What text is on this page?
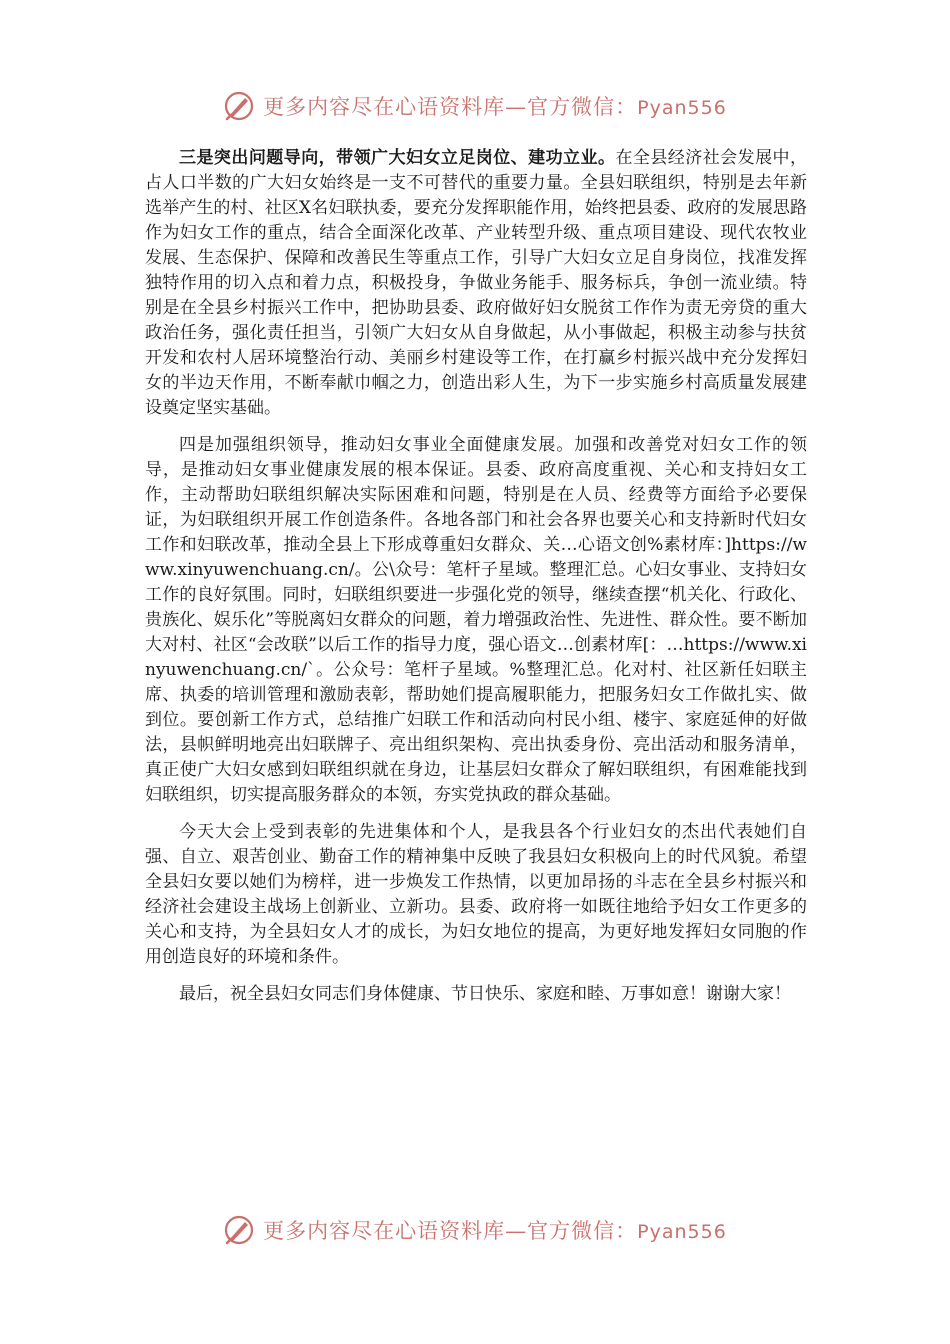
更多内容尽在心语资料库—官方微信：Pyan556

三是突出问题导向，带领广大妇女立足岗位、建功立业。在全县经济社会发展中，占人口半数的广大妇女始终是一支不可替代的重要力量。全县妇联组织，特别是去年新选举产生的村、社区X名妇联执委，要充分发挥职能作用，始终把县委、政府的发展思路作为妇女工作的重点，结合全面深化改革、产业转型升级、重点项目建设、现代农牧业发展、生态保护、保障和改善民生等重点工作，引导广大妇女立足自身岗位，找准发挥独特作用的切入点和着力点，积极投身，争做业务能手、服务标兵，争创一流业绩。特别是在全县乡村振兴工作中，把协助县委、政府做好妇女脱贫工作作为责无旁贷的重大政治任务，强化责任担当，引领广大妇女从自身做起，从小事做起，积极主动参与扶贫开发和农村人居环境整治行动、美丽乡村建设等工作，在打赢乡村振兴战中充分发挥妇女的半边天作用，不断奉献巾帼之力，创造出彩人生，为下一步实施乡村高质量发展建设奠定坚实基础。

四是加强组织领导，推动妇女事业全面健康发展。加强和改善党对妇女工作的领导，是推动妇女事业健康发展的根本保证。县委、政府高度重视、关心和支持妇女工作，主动帮助妇联组织解决实际困难和问题，特别是在人员、经费等方面给予必要保证，为妇联组织开展工作创造条件。各地各部门和社会各界也要关心和支持新时代妇女工作和妇联改革，推动全县上下形成尊重妇女群众、关…心语文创%素材库：]https://www.xinyuwenchuang.cn/。公\众号：笔杆子星域。整理汇总。心妇女事业、支持妇女工作的良好氛围。同时，妇联组织要进一步强化党的领导，继续查摆“机关化、行政化、贵族化、娱乐化”等脱离妇女群众的问题，着力增强政治性、先进性、群众性。要不断加大对村、社区“会改联”以后工作的指导力度，强心语文…创素材库[：…https://www.xinyuwenchuang.cn/`。公众号：笔杆子星域。%整理汇总。化对村、社区新任妇联主席、执委的培训管理和激励表彰，帮助她们提高履职能力，把服务妇女工作做扎实、做到位。要创新工作方式，总结推广妇联工作和活动向村民小组、楼宇、家庭延伸的好做法，县帜鲜明地亮出妇联牌子、亮出组织架构、亮出执委身份、亮出活动和服务清单，真正使广大妇女感到妇联组织就在身边，让基层妇女群众了解妇联组织，有困难能找到妇联组织，切实提高服务群众的本领，夯实党执政的群众基础。

今天大会上受到表彰的先进集体和个人，是我县各个行业妇女的杰出代表她们自强、自立、艰苦创业、勤奋工作的精神集中反映了我县妇女积极向上的时代风貌。希望全县妇女要以她们为榜样，进一步焕发工作热情，以更加昂扬的斗志在全县乡村振兴和经济社会建设主战场上创新业、立新功。县委、政府将一如既往地给予妇女工作更多的关心和支持，为全县妇女人才的成长，为妇女地位的提高，为更好地发挥妇女同胞的作用创造良好的环境和条件。

最后，祝全县妇女同志们身体健康、节日快乐、家庭和睦、万事如意！谢谢大家！

更多内容尽在心语资料库—官方微信：Pyan556
